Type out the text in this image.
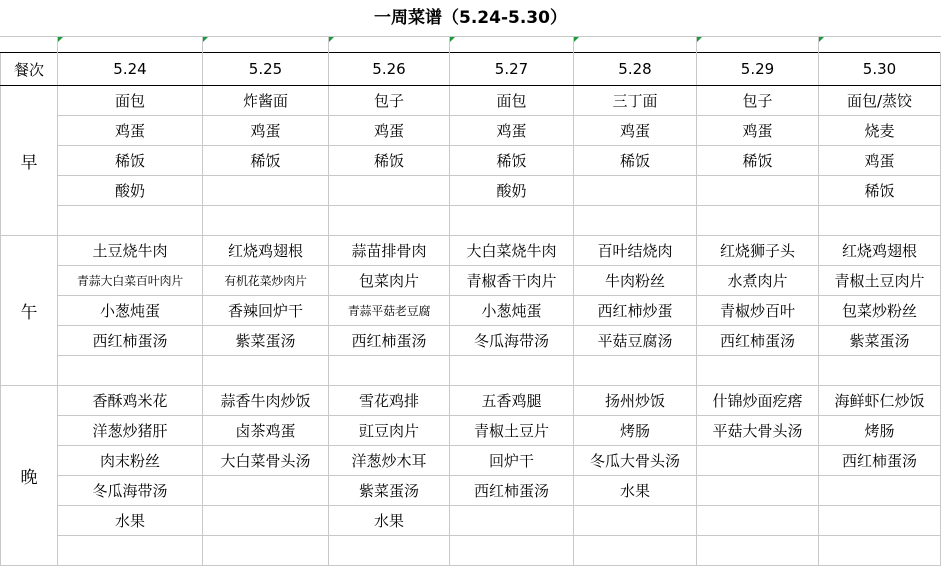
一周菜谱（5.24-5.30）
餐次	5.24	5.25	5.26	5.27	5.28	5.29	5.30
早	面包	炸酱面	包子	面包	三丁面	包子	面包/蒸饺
	鸡蛋	鸡蛋	鸡蛋	鸡蛋	鸡蛋	鸡蛋	烧麦
	稀饭	稀饭	稀饭	稀饭	稀饭	稀饭	鸡蛋
	酸奶			酸奶			稀饭

午	土豆烧牛肉	红烧鸡翅根	蒜苗排骨肉	大白菜烧牛肉	百叶结烧肉	红烧狮子头	红烧鸡翅根
	青蒜大白菜百叶肉片	有机花菜炒肉片	包菜肉片	青椒香干肉片	牛肉粉丝	水煮肉片	青椒土豆肉片
	小葱炖蛋	香辣回炉干	青蒜平菇老豆腐	小葱炖蛋	西红柿炒蛋	青椒炒百叶	包菜炒粉丝
	西红柿蛋汤	紫菜蛋汤	西红柿蛋汤	冬瓜海带汤	平菇豆腐汤	西红柿蛋汤	紫菜蛋汤

晚	香酥鸡米花	蒜香牛肉炒饭	雪花鸡排	五香鸡腿	扬州炒饭	什锦炒面疙瘩	海鲜虾仁炒饭
	洋葱炒猪肝	卤茶鸡蛋	豇豆肉片	青椒土豆片	烤肠	平菇大骨头汤	烤肠
	肉末粉丝	大白菜骨头汤	洋葱炒木耳	回炉干	冬瓜大骨头汤		西红柿蛋汤
	冬瓜海带汤		紫菜蛋汤	西红柿蛋汤	水果		
	水果		水果				
